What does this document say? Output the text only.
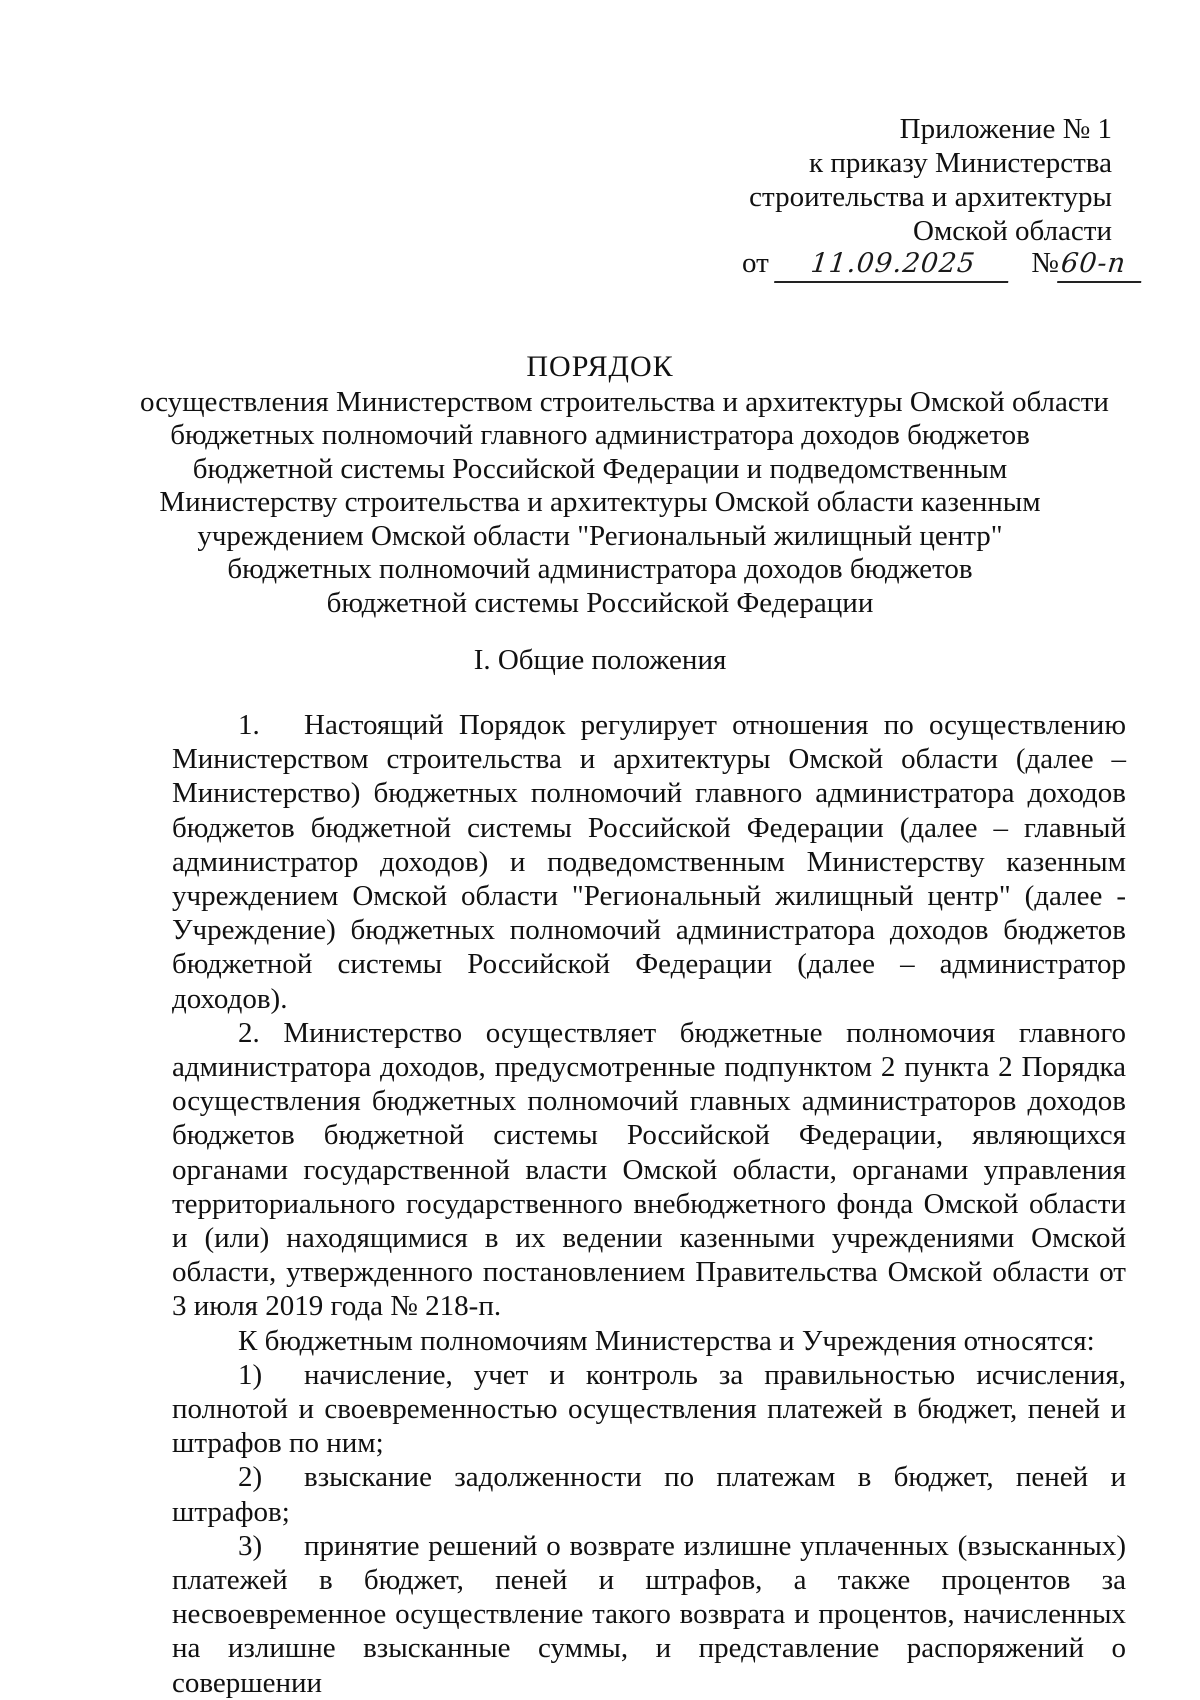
Приложение № 1
к приказу Министерства
строительства и архитектуры
Омской области
от 11.09.2025 №60-п
ПОРЯДОК
осуществления Министерством строительства и архитектуры Омской области
бюджетных полномочий главного администратора доходов бюджетов
бюджетной системы Российской Федерации и подведомственным
Министерству строительства и архитектуры Омской области казенным
учреждением Омской области "Региональный жилищный центр"
бюджетных полномочий администратора доходов бюджетов
бюджетной системы Российской Федерации
I. Общие положения

1. Настоящий Порядок регулирует отношения по осуществлению Министерством строительства и архитектуры Омской области (далее – Министерство) бюджетных полномочий главного администратора доходов бюджетов бюджетной системы Российской Федерации (далее – главный администратор доходов) и подведомственным Министерству казенным учреждением Омской области "Региональный жилищный центр" (далее - Учреждение) бюджетных полномочий администратора доходов бюджетов бюджетной системы Российской Федерации (далее – администратор доходов).

2. Министерство осуществляет бюджетные полномочия главного администратора доходов, предусмотренные подпунктом 2 пункта 2 Порядка осуществления бюджетных полномочий главных администраторов доходов бюджетов бюджетной системы Российской Федерации, являющихся органами государственной власти Омской области, органами управления территориального государственного внебюджетного фонда Омской области и (или) находящимися в их ведении казенными учреждениями Омской области, утвержденного постановлением Правительства Омской области от 3 июля 2019 года № 218-п.

К бюджетным полномочиям Министерства и Учреждения относятся:

1) начисление, учет и контроль за правильностью исчисления, полнотой и своевременностью осуществления платежей в бюджет, пеней и штрафов по ним;

2) взыскание задолженности по платежам в бюджет, пеней и штрафов;

3) принятие решений о возврате излишне уплаченных (взысканных) платежей в бюджет, пеней и штрафов, а также процентов за несвоевременное осуществление такого возврата и процентов, начисленных на излишне взысканные суммы, и представление распоряжений о совершении
